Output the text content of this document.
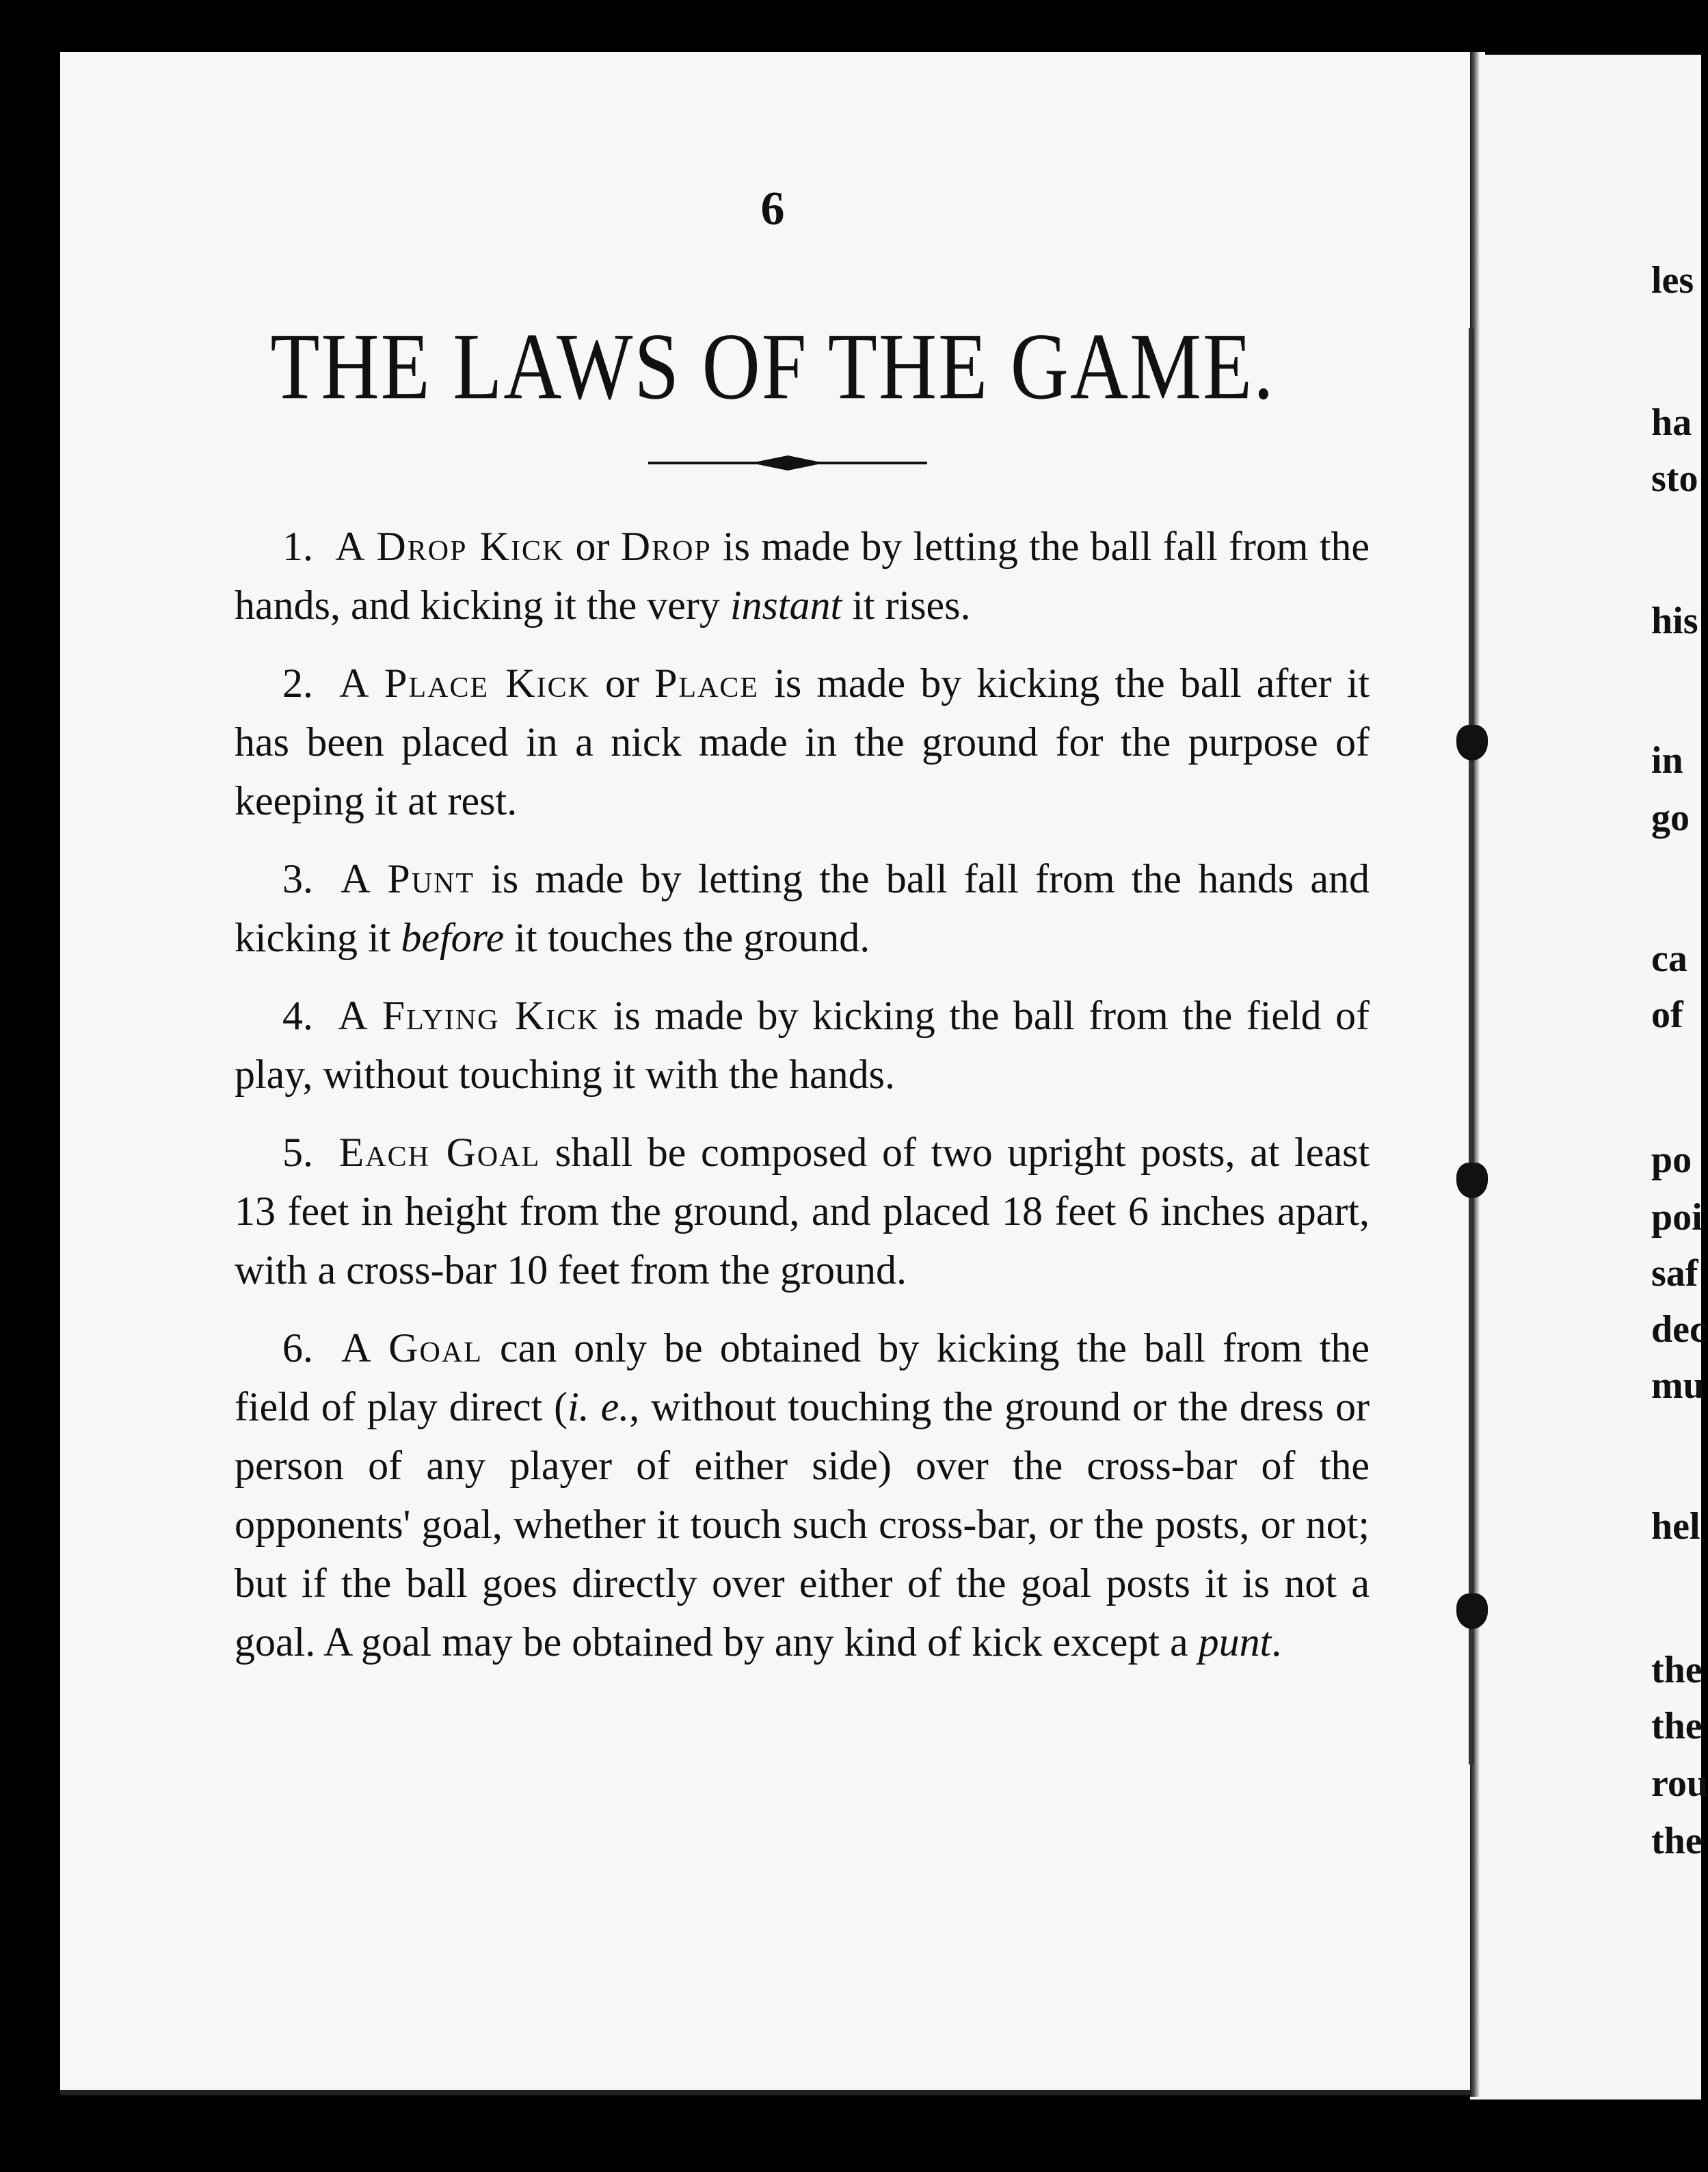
6
THE LAWS OF THE GAME.

1. A Drop Kick or Drop is made by letting the ball fall from the hands, and kicking it the very instant it rises.

2. A Place Kick or Place is made by kicking the ball after it has been placed in a nick made in the ground for the purpose of keeping it at rest.

3. A Punt is made by letting the ball fall from the hands and kicking it before it touches the ground.

4. A Flying Kick is made by kicking the ball from the field of play, without touching it with the hands.

5. Each Goal shall be composed of two upright posts, at least 13 feet in height from the ground, and placed 18 feet 6 inches apart, with a cross-bar 10 feet from the ground.

6. A Goal can only be obtained by kicking the ball from the field of play direct (i. e., without touching the ground or the dress or person of any player of either side) over the cross-bar of the opponents' goal, whether it touch such cross-bar, or the posts, or not; but if the ball goes directly over either of the goal posts it is not a goal. A goal may be obtained by any kind of kick except a punt.

les
ha
sto
his
in
go
ca
of
po
poi
saf
dec
mu
hel
the
the
rou
the
